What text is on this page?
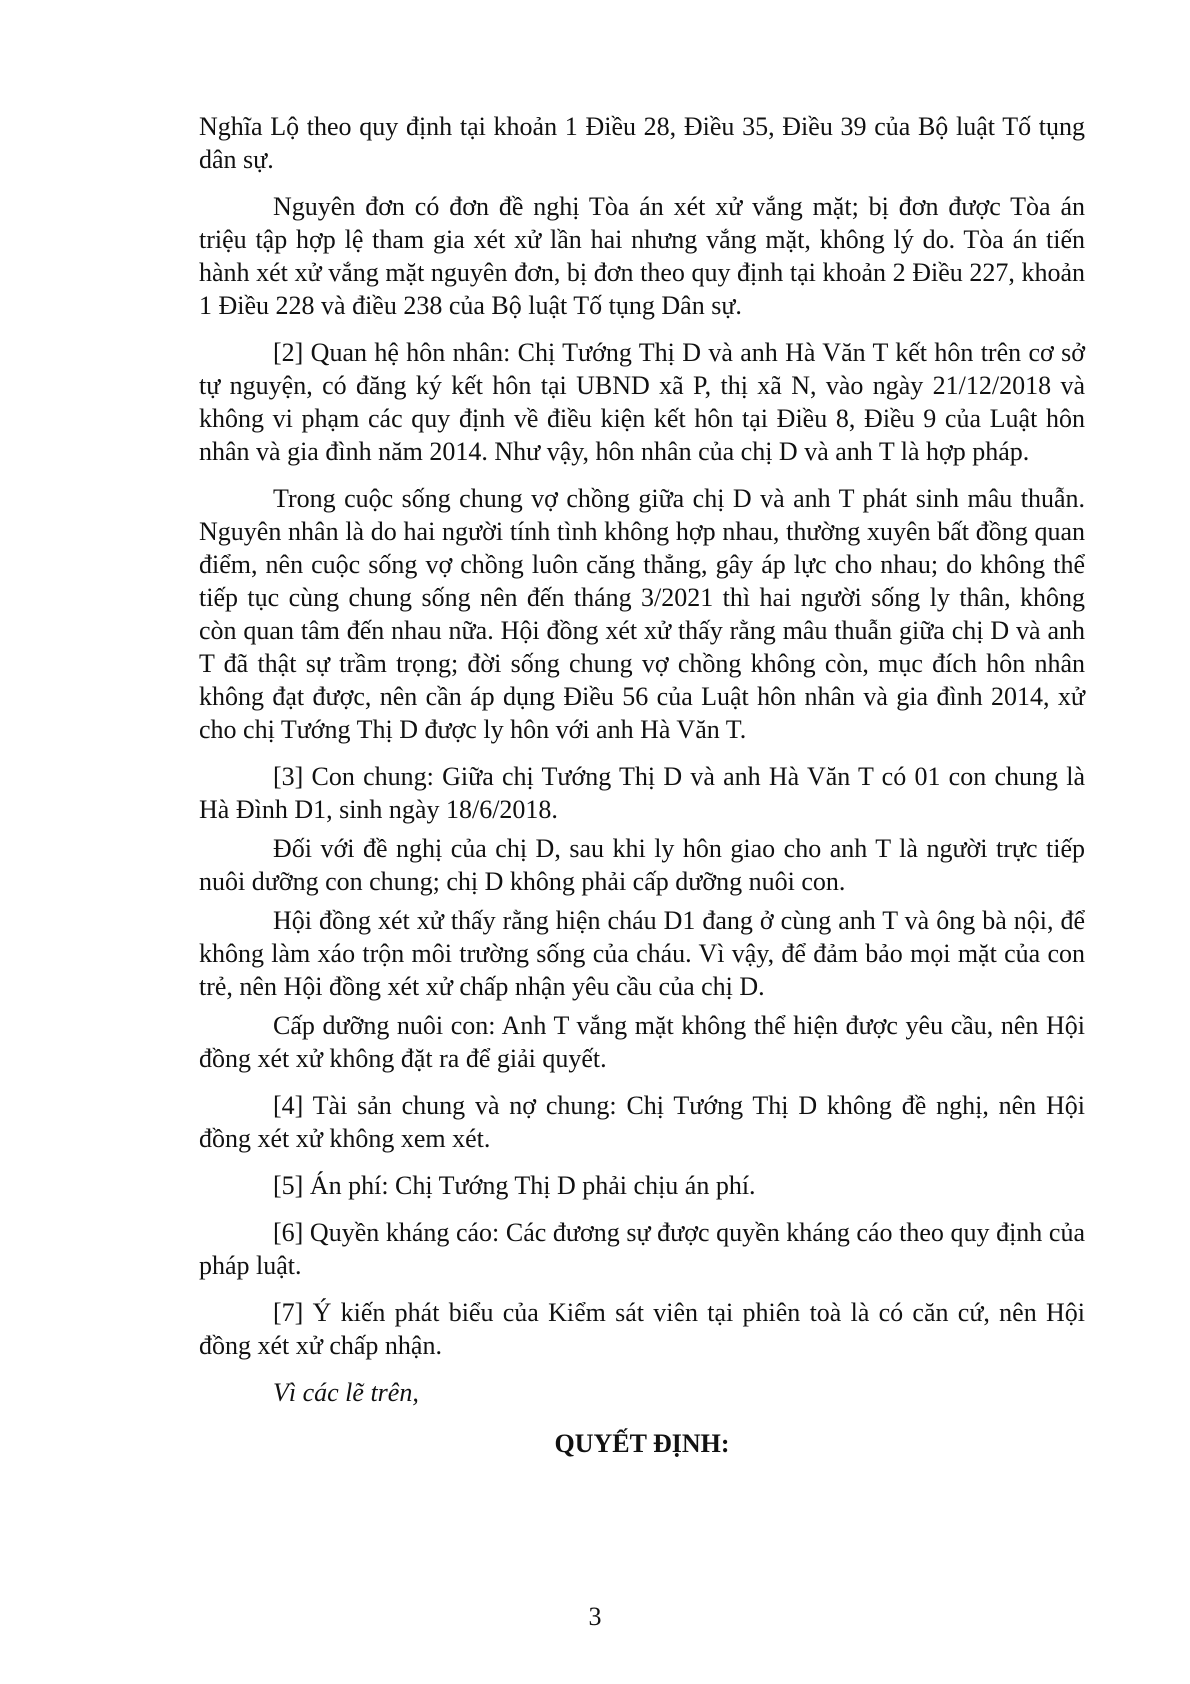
Nghĩa Lộ theo quy định tại khoản 1 Điều 28, Điều 35, Điều 39 của Bộ luật Tố tụng dân sự.

Nguyên đơn có đơn đề nghị Tòa án xét xử vắng mặt; bị đơn được Tòa án triệu tập hợp lệ tham gia xét xử lần hai nhưng vắng mặt, không lý do. Tòa án tiến hành xét xử vắng mặt nguyên đơn, bị đơn theo quy định tại khoản 2 Điều 227, khoản 1 Điều 228 và điều 238 của Bộ luật Tố tụng Dân sự.

[2] Quan hệ hôn nhân: Chị Tướng Thị D và anh Hà Văn T kết hôn trên cơ sở tự nguyện, có đăng ký kết hôn tại UBND xã P, thị xã N, vào ngày 21/12/2018 và không vi phạm các quy định về điều kiện kết hôn tại Điều 8, Điều 9 của Luật hôn nhân và gia đình năm 2014. Như vậy, hôn nhân của chị D và anh T là hợp pháp.

Trong cuộc sống chung vợ chồng giữa chị D và anh T phát sinh mâu thuẫn. Nguyên nhân là do hai người tính tình không hợp nhau, thường xuyên bất đồng quan điểm, nên cuộc sống vợ chồng luôn căng thẳng, gây áp lực cho nhau; do không thể tiếp tục cùng chung sống nên đến tháng 3/2021 thì hai người sống ly thân, không còn quan tâm đến nhau nữa. Hội đồng xét xử thấy rằng mâu thuẫn giữa chị D và anh T đã thật sự trầm trọng; đời sống chung vợ chồng không còn, mục đích hôn nhân không đạt được, nên cần áp dụng Điều 56 của Luật hôn nhân và gia đình 2014, xử cho chị Tướng Thị D được ly hôn với anh Hà Văn T.

[3] Con chung: Giữa chị Tướng Thị D và anh Hà Văn T có 01 con chung là Hà Đình D1, sinh ngày 18/6/2018.

Đối với đề nghị của chị D, sau khi ly hôn giao cho anh T là người trực tiếp nuôi dưỡng con chung; chị D không phải cấp dưỡng nuôi con.

Hội đồng xét xử thấy rằng hiện cháu D1 đang ở cùng anh T và ông bà nội, để không làm xáo trộn môi trường sống của cháu. Vì vậy, để đảm bảo mọi mặt của con trẻ, nên Hội đồng xét xử chấp nhận yêu cầu của chị D.

Cấp dưỡng nuôi con: Anh T vắng mặt không thể hiện được yêu cầu, nên Hội đồng xét xử không đặt ra để giải quyết.

[4] Tài sản chung và nợ chung: Chị Tướng Thị D không đề nghị, nên Hội đồng xét xử không xem xét.

[5] Án phí: Chị Tướng Thị D phải chịu án phí.

[6] Quyền kháng cáo: Các đương sự được quyền kháng cáo theo quy định của pháp luật.

[7] Ý kiến phát biểu của Kiểm sát viên tại phiên toà là có căn cứ, nên Hội đồng xét xử chấp nhận.

Vì các lẽ trên,

QUYẾT ĐỊNH:

3
